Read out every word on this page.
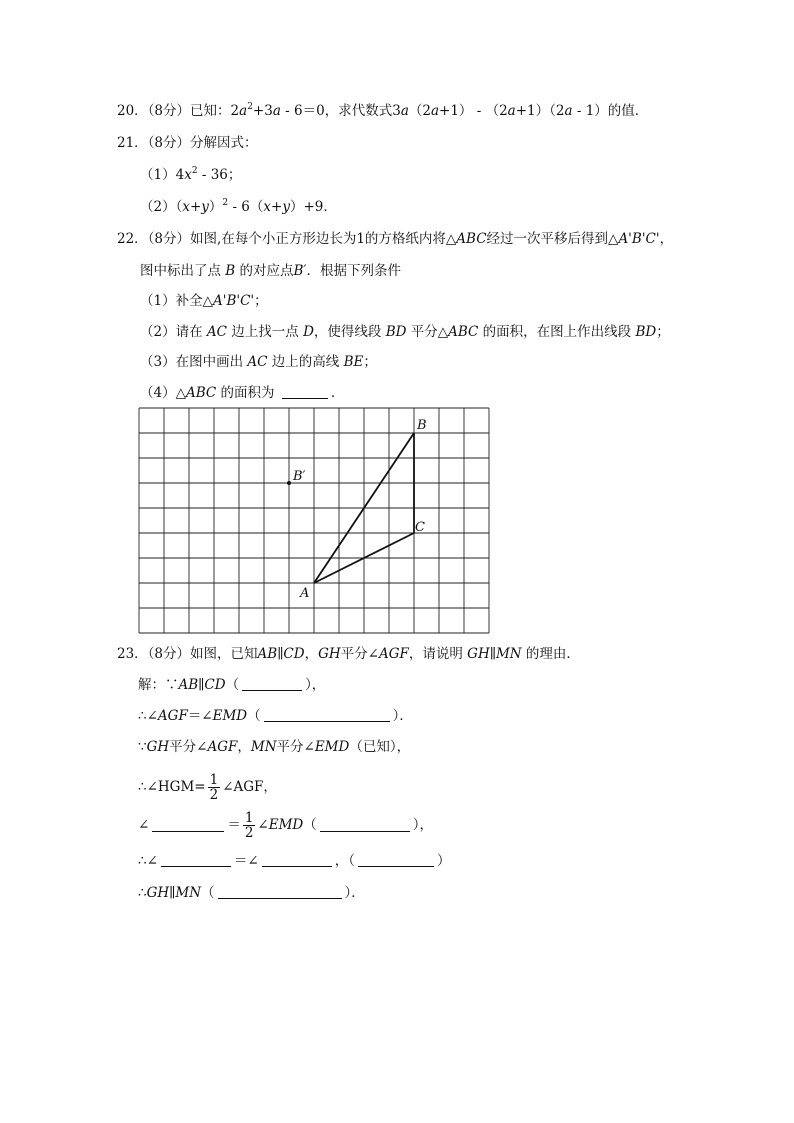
20．（8分）已知：$2a^2+3a - 6=0$，求代数式3a（2a+1） - （2a+1）（2a - 1）的值．
21．（8分）分解因式：
$(1)4x^2 - 36$；
$(2)(x+y)^2 - 6(x+y)+9$．
22．（8分）如图,在每个小正方形边长为1的方格纸内将△ABC经过一次平移后得到△A'B'C'，
图中标出了点 B 的对应点B′．根据下列条件
（1）补全△A'B'C'；
（2）请在 AC 边上找一点 D，使得线段 BD 平分△ABC 的面积，在图上作出线段 BD；
（3）在图中画出 AC 边上的高线 BE；
（4）△ABC 的面积为	．
B
C
A
B′
23．（8分）如图，已知AB∥CD，GH平分∠AGF，请说明 GH∥MN 的理由．
解：∵AB∥CD（	），
∴∠AGF＝∠EMD（	）．
∵GH平分∠AGF，MN平分∠EMD（已知），
∴∠HGM= $\frac{1}{2}$ ∠AGF，
∠	＝ $\frac{1}{2}$ ∠ EMD （	），
∴∠	＝∠	，（	）
∴GH∥MN（	）．
